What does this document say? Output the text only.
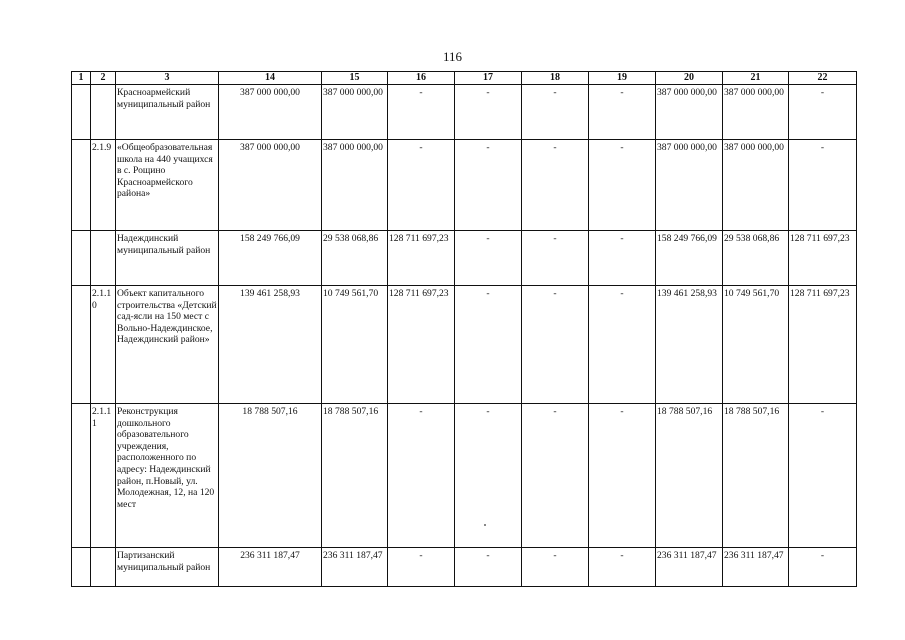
116
1	2	3	14	15	16	17	18	19	20	21	22
		Красноармейский муниципальный район	387 000 000,00	387 000 000,00	-	-	-	-	387 000 000,00	387 000 000,00	-
	2.1.9	«Общеобразовательная школа на 440 учащихся в с. Рощино Красноармейского района»	387 000 000,00	387 000 000,00	-	-	-	-	387 000 000,00	387 000 000,00	-
		Надеждинский муниципальный район	158 249 766,09	29 538 068,86	128 711 697,23	-	-	-	158 249 766,09	29 538 068,86	128 711 697,23
	2.1.10	Объект капитального строительства «Детский сад-ясли на 150 мест с Вольно-Надеждинское, Надеждинский район»	139 461 258,93	10 749 561,70	128 711 697,23	-	-	-	139 461 258,93	10 749 561,70	128 711 697,23
	2.1.11	Реконструкция дошкольного образовательного учреждения, расположенного по адресу: Надеждинский район, п.Новый, ул. Молодежная, 12, на 120 мест	18 788 507,16	18 788 507,16	-	-	-	-	18 788 507,16	18 788 507,16	-
		Партизанский муниципальный район	236 311 187,47	236 311 187,47	-	-	-	-	236 311 187,47	236 311 187,47	-
